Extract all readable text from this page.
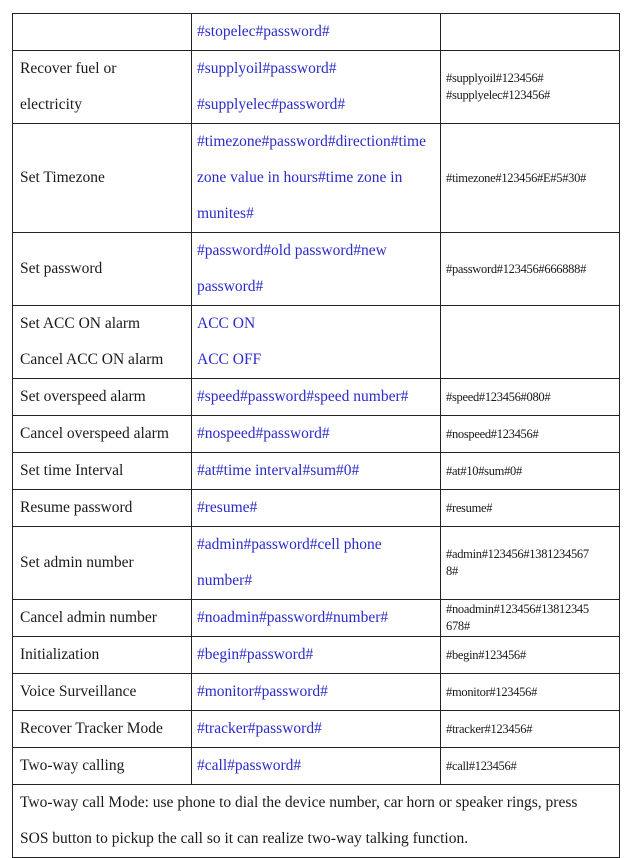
	#stopelec#password#	

Recover fuel or
electricity	#supplyoil#password#
#supplyelec#password#	#supplyoil#123456#
#supplyelec#123456#

Set Timezone	#timezone#password#direction#time
zone value in hours#time zone in
munites#	#timezone#123456#E#5#30#

Set password	#password#old password#new
password#	#password#123456#666888#

Set ACC ON alarm
Cancel ACC ON alarm	ACC ON
ACC OFF	

Set overspeed alarm	#speed#password#speed number#	#speed#123456#080#

Cancel overspeed alarm	#nospeed#password#	#nospeed#123456#

Set time Interval	#at#time interval#sum#0#	#at#10#sum#0#

Resume password	#resume#	#resume#

Set admin number	#admin#password#cell phone
number#	#admin#123456#1381234567
8#

Cancel admin number	#noadmin#password#number#	#noadmin#123456#13812345
678#

Initialization	#begin#password#	#begin#123456#

Voice Surveillance	#monitor#password#	#monitor#123456#

Recover Tracker Mode	#tracker#password#	#tracker#123456#

Two-way calling	#call#password#	#call#123456#

Two-way call Mode: use phone to dial the device number, car horn or speaker rings, press
SOS button to pickup the call so it can realize two-way talking function.		
